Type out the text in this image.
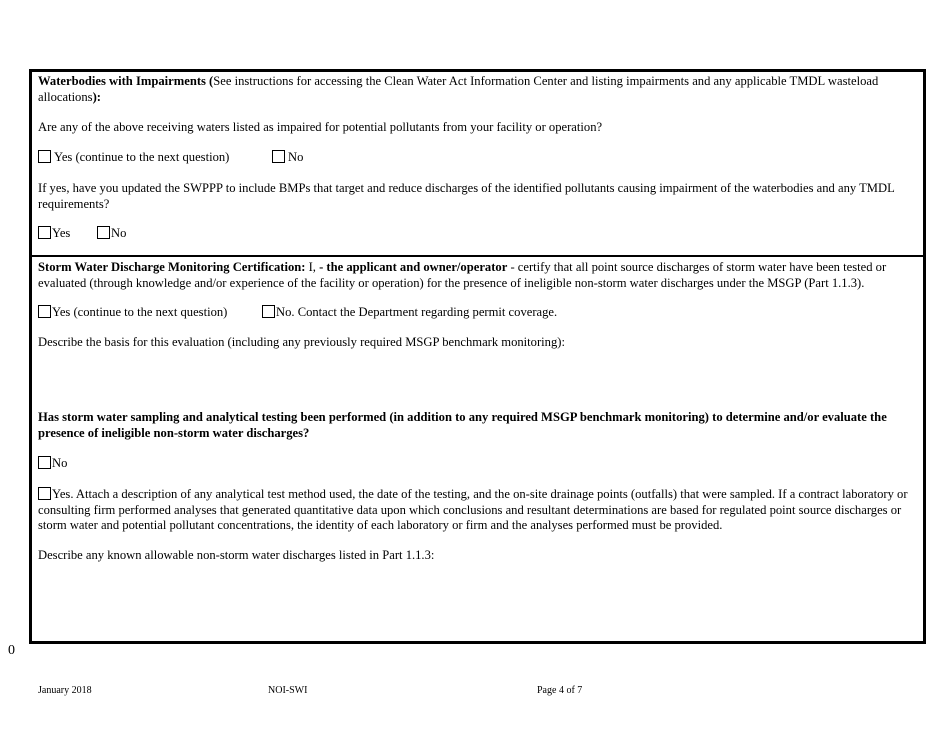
Waterbodies with Impairments (See instructions for accessing the Clean Water Act Information Center and listing impairments and any applicable TMDL wasteload allocations):
Are any of the above receiving waters listed as impaired for potential pollutants from your facility or operation?
Yes (continue to the next question)	No
If yes, have you updated the SWPPP to include BMPs that target and reduce discharges of the identified pollutants causing impairment of the waterbodies and any TMDL requirements?
Yes	No
Storm Water Discharge Monitoring Certification: I, - the applicant and owner/operator - certify that all point source discharges of storm water have been tested or evaluated (through knowledge and/or experience of the facility or operation) for the presence of ineligible non-storm water discharges under the MSGP (Part 1.1.3).
Yes (continue to the next question)	No. Contact the Department regarding permit coverage.
Describe the basis for this evaluation (including any previously required MSGP benchmark monitoring):
Has storm water sampling and analytical testing been performed (in addition to any required MSGP benchmark monitoring) to determine and/or evaluate the presence of ineligible non-storm water discharges?
No
Yes. Attach a description of any analytical test method used, the date of the testing, and the on-site drainage points (outfalls) that were sampled. If a contract laboratory or consulting firm performed analyses that generated quantitative data upon which conclusions and resultant determinations are based for regulated point source discharges or storm water and potential pollutant concentrations, the identity of each laboratory or firm and the analyses performed must be provided.
Describe any known allowable non-storm water discharges listed in Part 1.1.3:
0
January 2018	NOI-SWI	Page 4 of 7
